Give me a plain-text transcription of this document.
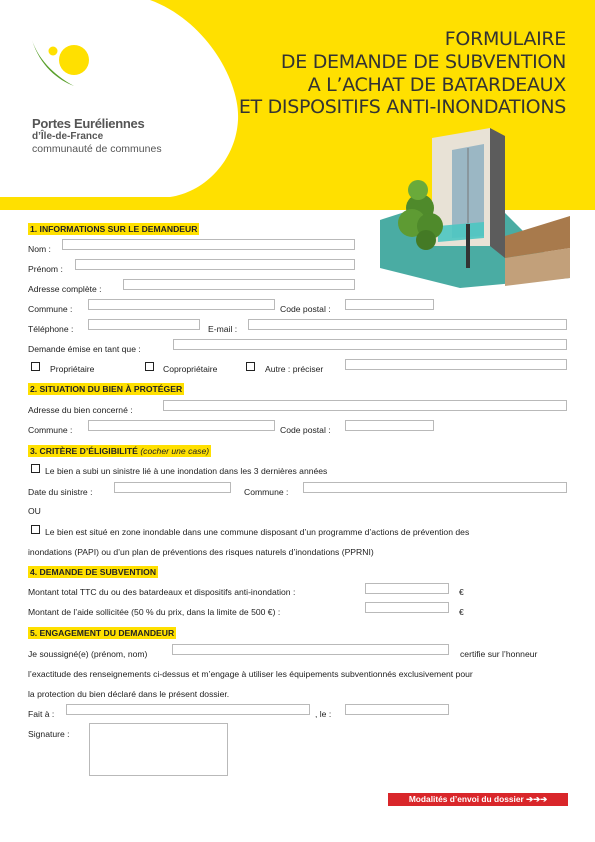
Portes Euréliennes
d’Île-de-France
communauté de communes
FORMULAIRE
DE DEMANDE DE SUBVENTION
A L’ACHAT DE BATARDEAUX
ET DISPOSITIFS ANTI-INONDATIONS
1. INFORMATIONS SUR LE DEMANDEUR
Nom :
Prénom :
Adresse complète :
Commune :	Code postal :
Téléphone :	E-mail :
Demande émise en tant que :
Propriétaire	Copropriétaire	Autre : préciser
2. SITUATION DU BIEN À PROTÉGER
Adresse du bien concerné :
Commune :	Code postal :
3. CRITÈRE D’ÉLIGIBILITÉ (cocher une case)
Le bien a subi un sinistre lié à une inondation dans les 3 dernières années
Date du sinistre :	Commune :
OU
Le bien est situé en zone inondable dans une commune disposant d’un programme d’actions de prévention des
inondations (PAPI) ou d’un plan de préventions des risques naturels d’inondations (PPRNI)
4. DEMANDE DE SUBVENTION
Montant total TTC du ou des batardeaux et dispositifs anti-inondation :	€
Montant de l’aide sollicitée (50 % du prix, dans la limite de 500 €) :	€
5. ENGAGEMENT DU DEMANDEUR
Je soussigné(e) (prénom, nom)	certifie sur l’honneur
l’exactitude des renseignements ci-dessus et m’engage à utiliser les équipements subventionnés exclusivement pour
la protection du bien déclaré dans le présent dossier.
Fait à :	, le :
Signature :
Modalités d’envoi du dossier ➔➔➔
